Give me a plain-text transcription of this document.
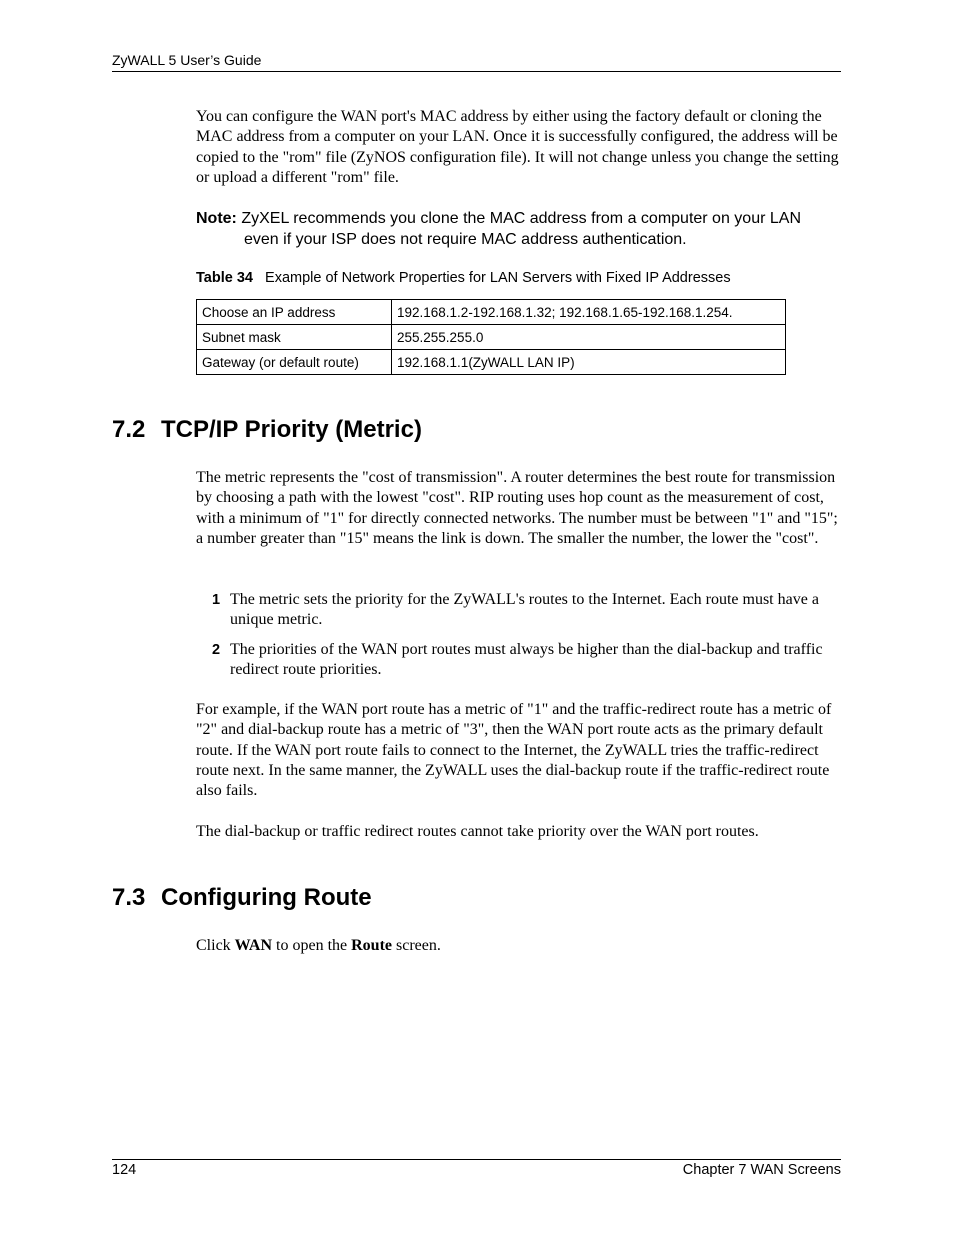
ZyWALL 5 User’s Guide
You can configure the WAN port's MAC address by either using the factory default or cloning the MAC address from a computer on your LAN. Once it is successfully configured, the address will be copied to the "rom" file (ZyNOS configuration file). It will not change unless you change the setting or upload a different "rom" file.
Note: ZyXEL recommends you clone the MAC address from a computer on your LAN
even if your ISP does not require MAC address authentication.
Table 34 Example of Network Properties for LAN Servers with Fixed IP Addresses
Choose an IP address	192.168.1.2-192.168.1.32; 192.168.1.65-192.168.1.254.
Subnet mask	255.255.255.0
Gateway (or default route)	192.168.1.1(ZyWALL LAN IP)
7.2 TCP/IP Priority (Metric)
The metric represents the "cost of transmission". A router determines the best route for transmission by choosing a path with the lowest "cost". RIP routing uses hop count as the measurement of cost, with a minimum of "1" for directly connected networks. The number must be between "1" and "15"; a number greater than "15" means the link is down. The smaller the number, the lower the "cost".
1 The metric sets the priority for the ZyWALL's routes to the Internet. Each route must have a unique metric.
2 The priorities of the WAN port routes must always be higher than the dial-backup and traffic redirect route priorities.
For example, if the WAN port route has a metric of "1" and the traffic-redirect route has a metric of "2" and dial-backup route has a metric of "3", then the WAN port route acts as the primary default route. If the WAN port route fails to connect to the Internet, the ZyWALL tries the traffic-redirect route next. In the same manner, the ZyWALL uses the dial-backup route if the traffic-redirect route also fails.
The dial-backup or traffic redirect routes cannot take priority over the WAN port routes.
7.3 Configuring Route
Click WAN to open the Route screen.
124	Chapter 7 WAN Screens
